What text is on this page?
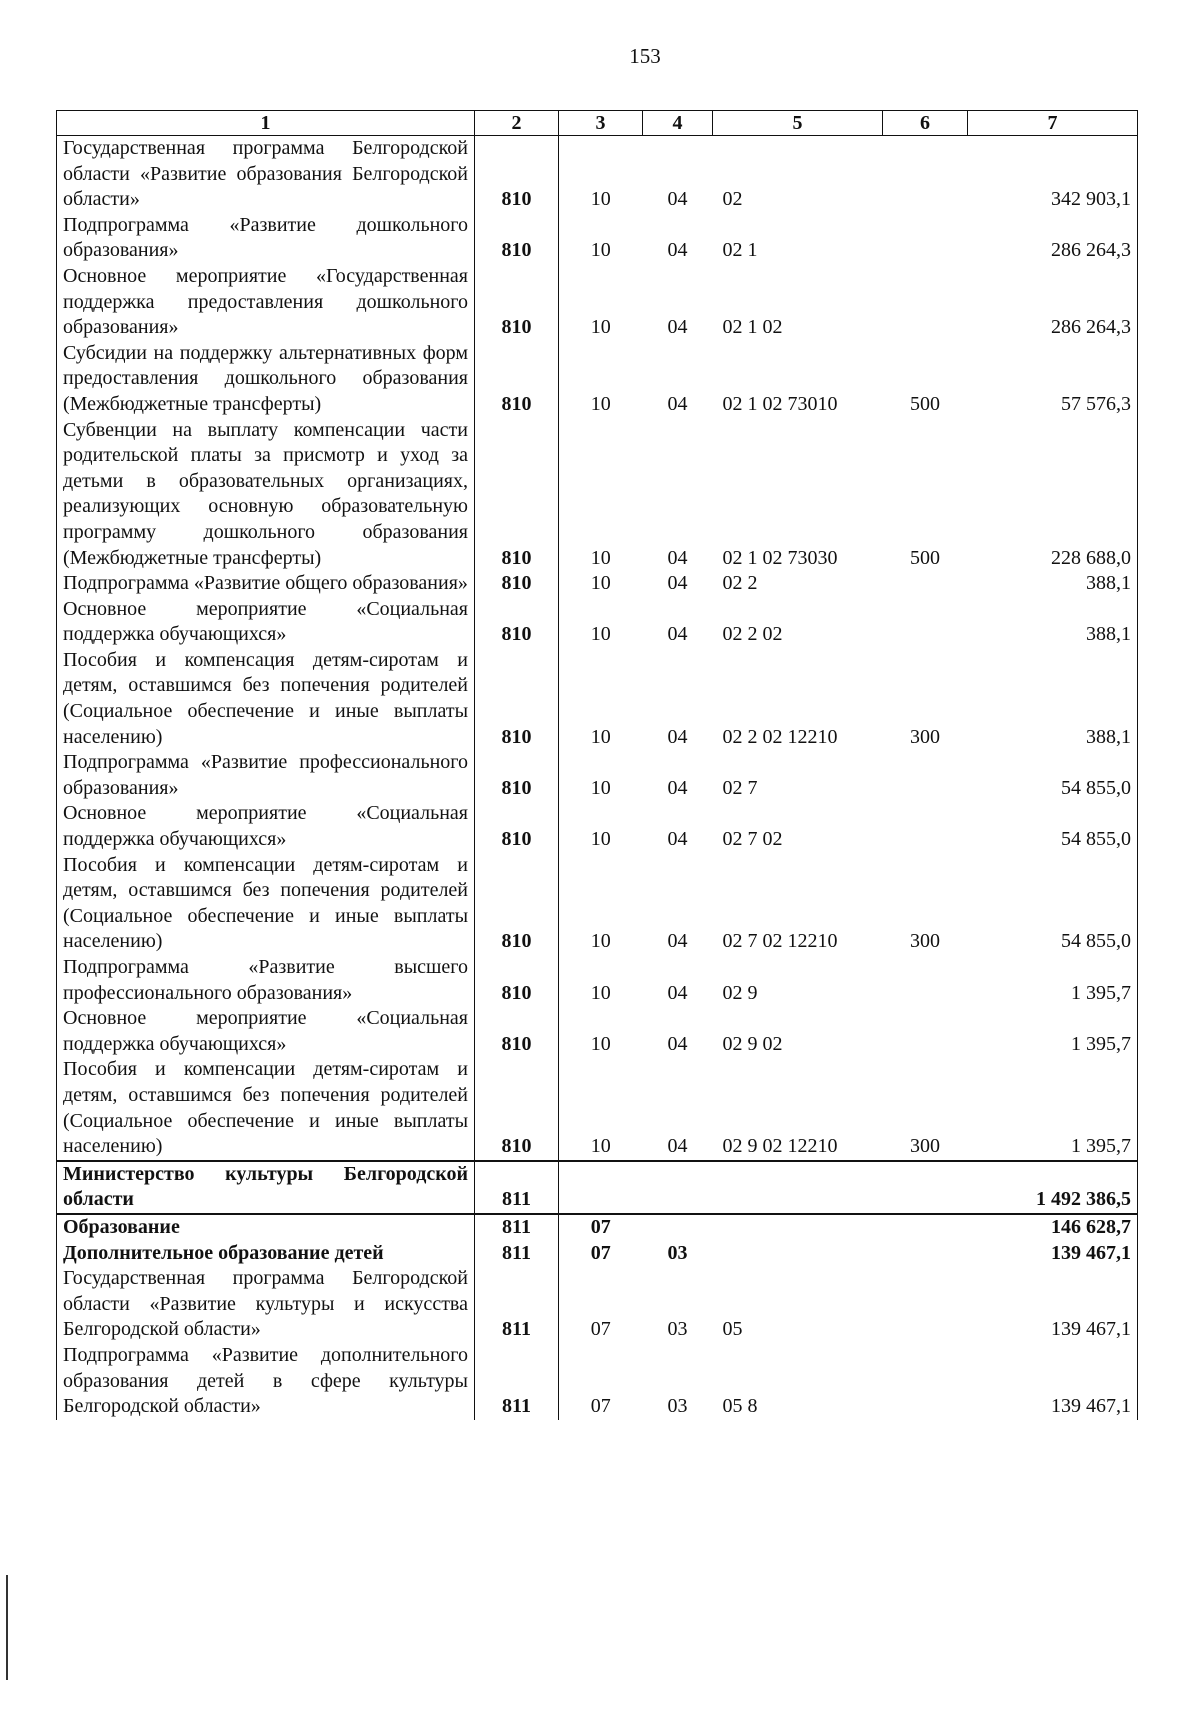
153
1	2	3	4	5	6	7
Государственная программа Белгородской области «Развитие образования Белгородской области»	810	10	04	02		342 903,1
Подпрограмма «Развитие дошкольного образования»	810	10	04	02 1		286 264,3
Основное мероприятие «Государственная поддержка предоставления дошкольного образования»	810	10	04	02 1 02		286 264,3
Субсидии на поддержку альтернативных форм предоставления дошкольного образования (Межбюджетные трансферты)	810	10	04	02 1 02 73010	500	57 576,3
Субвенции на выплату компенсации части родительской платы за присмотр и уход за детьми в образовательных организациях, реализующих основную образовательную программу дошкольного образования (Межбюджетные трансферты)	810	10	04	02 1 02 73030	500	228 688,0
Подпрограмма «Развитие общего образования»	810	10	04	02 2		388,1
Основное мероприятие «Социальная поддержка обучающихся»	810	10	04	02 2 02		388,1
Пособия и компенсация детям-сиротам и детям, оставшимся без попечения родителей (Социальное обеспечение и иные выплаты населению)	810	10	04	02 2 02 12210	300	388,1
Подпрограмма «Развитие профессионального образования»	810	10	04	02 7		54 855,0
Основное мероприятие «Социальная поддержка обучающихся»	810	10	04	02 7 02		54 855,0
Пособия и компенсации детям-сиротам и детям, оставшимся без попечения родителей (Социальное обеспечение и иные выплаты населению)	810	10	04	02 7 02 12210	300	54 855,0
Подпрограмма «Развитие высшего профессионального образования»	810	10	04	02 9		1 395,7
Основное мероприятие «Социальная поддержка обучающихся»	810	10	04	02 9 02		1 395,7
Пособия и компенсации детям-сиротам и детям, оставшимся без попечения родителей (Социальное обеспечение и иные выплаты населению)	810	10	04	02 9 02 12210	300	1 395,7
Министерство культуры Белгородской области	811					1 492 386,5
Образование	811	07				146 628,7
Дополнительное образование детей	811	07	03			139 467,1
Государственная программа Белгородской области «Развитие культуры и искусства Белгородской области»	811	07	03	05		139 467,1
Подпрограмма «Развитие дополнительного образования детей в сфере культуры Белгородской области»	811	07	03	05 8		139 467,1
